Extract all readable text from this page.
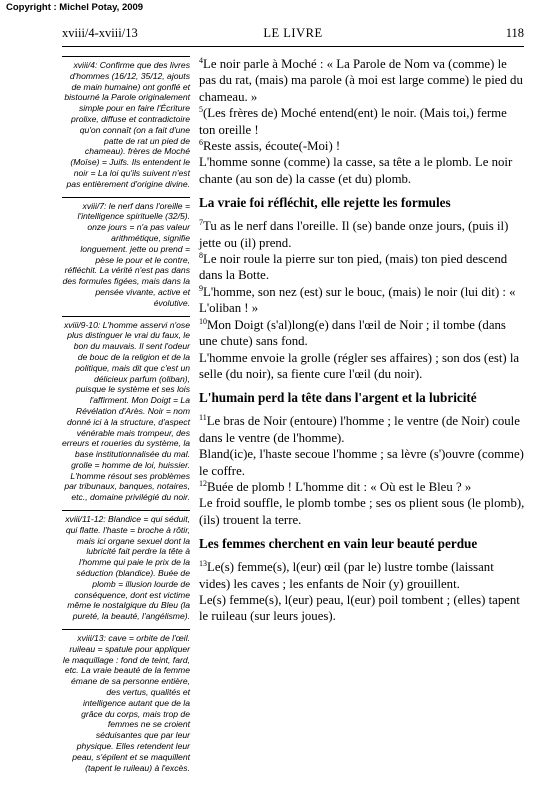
Copyright : Michel Potay, 2009
xviii/4-xviii/13	LE LIVRE	118

xviii/4: Confirme que des livres d'hommes (16/12, 35/12, ajouts de main humaine) ont gonflé et bistourné la Parole originalement simple pour en faire l'Écriture prolixe, diffuse et contradictoire qu'on connaît (on a fait d'une patte de rat un pied de chameau). frères de Moché (Moïse) = Juifs. Ils entendent le noir = La loi qu'ils suivent n'est pas entièrement d'origine divine.

xviii/7: le nerf dans l'oreille = l'intelligence spirituelle (32/5). onze jours = n'a pas valeur arithmétique, signifie longuement. jette ou prend = pèse le pour et le contre, réfléchit. La vérité n'est pas dans des formules figées, mais dans la pensée vivante, active et évolutive.

xviii/9-10: L'homme asservi n'ose plus distinguer le vrai du faux, le bon du mauvais. Il sent l'odeur de bouc de la religion et de la politique, mais dit que c'est un délicieux parfum (oliban), puisque le système et ses lois l'affirment. Mon Doigt = La Révélation d'Arès. Noir = nom donné ici à la structure, d'aspect vénérable mais trompeur, des erreurs et roueries du système, la base institutionnalisée du mal. grolle = homme de loi, huissier. L'homme résout ses problèmes par tribunaux, banques, notaires, etc., domaine privilégié du noir.

xviii/11-12: Blandice = qui séduit, qui flatte. l'haste = broche à rôtir, mais ici organe sexuel dont la lubricité fait perdre la tête à l'homme qui paie le prix de la séduction (blandice). Buée de plomb = illusion lourde de conséquence, dont est victime même le nostalgique du Bleu (la pureté, la beauté, l'angélisme).

xviii/13: cave = orbite de l'œil. ruileau = spatule pour appliquer le maquillage : fond de teint, fard, etc. La vraie beauté de la femme émane de sa personne entière, des vertus, qualités et intelligence autant que de la grâce du corps, mais trop de femmes ne se croient séduisantes que par leur physique. Elles retendent leur peau, s'épilent et se maquillent (tapent le ruileau) à l'excès.

$^4$Le noir parle à Moché : « La Parole de Nom va (comme) le pas du rat, (mais) ma parole (à moi est large comme) le pied du chameau. »

$^5$(Les frères de) Moché entend(ent) le noir. (Mais toi,) ferme ton oreille !

$^6$Reste assis, écoute(-Moi) !

L'homme sonne (comme) la casse, sa tête a le plomb. Le noir chante (au son de) la casse (et du) plomb.

La vraie foi réfléchit, elle rejette les formules

$^7$Tu as le nerf dans l'oreille. Il (se) bande onze jours, (puis il) jette ou (il) prend.

$^8$Le noir roule la pierre sur ton pied, (mais) ton pied descend dans la Botte.

$^9$L'homme, son nez (est) sur le bouc, (mais) le noir (lui dit) : « L'oliban ! »

$^{10}$Mon Doigt (s'al)long(e) dans l'œil de Noir ; il tombe (dans une chute) sans fond.

L'homme envoie la grolle (régler ses affaires) ; son dos (est) la selle (du noir), sa fiente cure l'œil (du noir).

L'humain perd la tête dans l'argent et la lubricité

$^{11}$Le bras de Noir (entoure) l'homme ; le ventre (de Noir) coule dans le ventre (de l'homme).

Bland(ic)e, l'haste secoue l'homme ; sa lèvre (s')ouvre (comme) le coffre.

$^{12}$Buée de plomb ! L'homme dit : « Où est le Bleu ? »

Le froid souffle, le plomb tombe ; ses os plient sous (le plomb), (ils) trouent la terre.

Les femmes cherchent en vain leur beauté perdue

$^{13}$Le(s) femme(s), l(eur) œil (par le) lustre tombe (laissant vides) les caves ; les enfants de Noir (y) grouillent.

Le(s) femme(s), l(eur) peau, l(eur) poil tombent ; (elles) tapent le ruileau (sur leurs joues).
